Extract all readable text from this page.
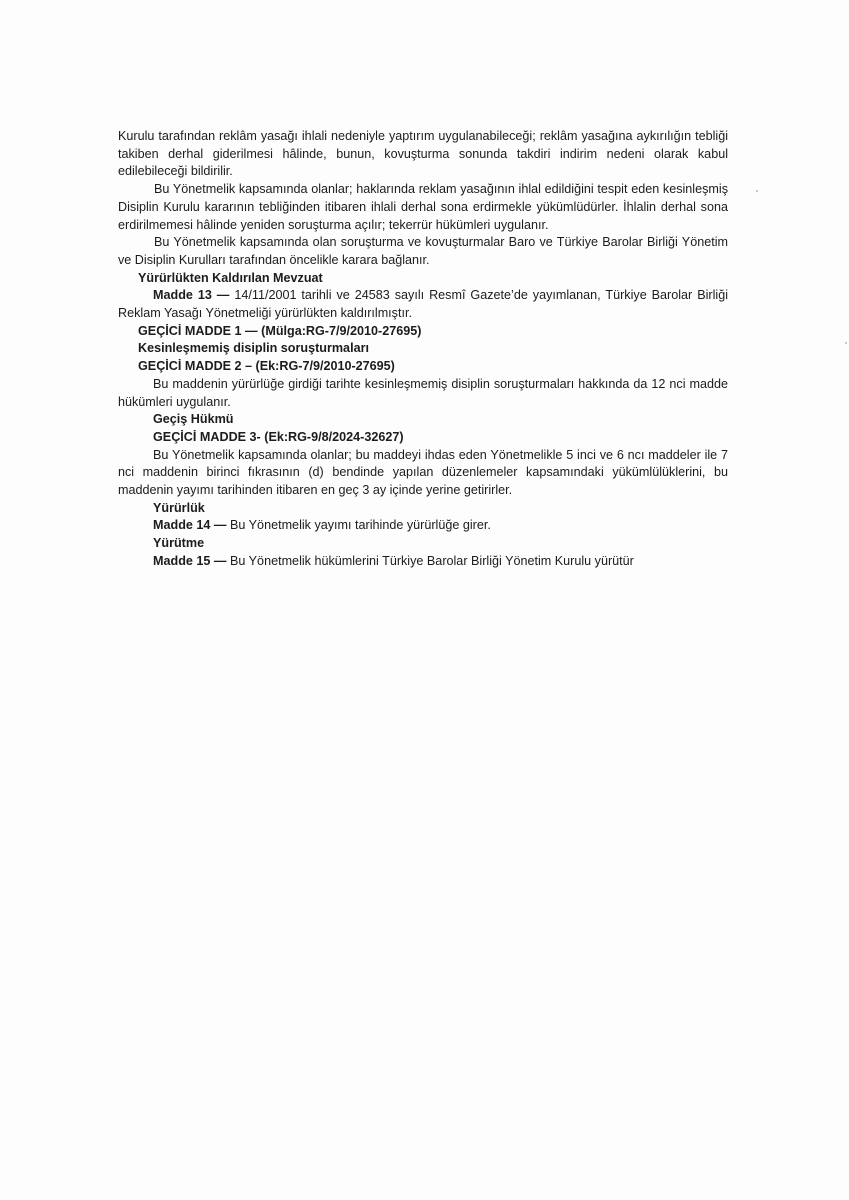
Kurulu tarafından reklâm yasağı ihlali nedeniyle yaptırım uygulanabileceği; reklâm yasağına aykırılığın tebliği takiben derhal giderilmesi hâlinde, bunun, kovuşturma sonunda takdiri indirim nedeni olarak kabul edilebileceği bildirilir.

Bu Yönetmelik kapsamında olanlar; haklarında reklam yasağının ihlal edildiğini tespit eden kesinleşmiş Disiplin Kurulu kararının tebliğinden itibaren ihlali derhal sona erdirmekle yükümlüdürler. İhlalin derhal sona erdirilmemesi hâlinde yeniden soruşturma açılır; tekerrür hükümleri uygulanır.

Bu Yönetmelik kapsamında olan soruşturma ve kovuşturmalar Baro ve Türkiye Barolar Birliği Yönetim ve Disiplin Kurulları tarafından öncelikle karara bağlanır.

Yürürlükten Kaldırılan Mevzuat

Madde 13 — 14/11/2001 tarihli ve 24583 sayılı Resmî Gazete’de yayımlanan, Türkiye Barolar Birliği Reklam Yasağı Yönetmeliği yürürlükten kaldırılmıştır.

GEÇİCİ MADDE 1 — (Mülga:RG-7/9/2010-27695)

Kesinleşmemiş disiplin soruşturmaları

GEÇİCİ MADDE 2 – (Ek:RG-7/9/2010-27695)

Bu maddenin yürürlüğe girdiği tarihte kesinleşmemiş disiplin soruşturmaları hakkında da 12 nci madde hükümleri uygulanır.

Geçiş Hükmü

GEÇİCİ MADDE 3- (Ek:RG-9/8/2024-32627)

Bu Yönetmelik kapsamında olanlar; bu maddeyi ihdas eden Yönetmelikle 5 inci ve 6 ncı maddeler ile 7 nci maddenin birinci fıkrasının (d) bendinde yapılan düzenlemeler kapsamındaki yükümlülüklerini, bu maddenin yayımı tarihinden itibaren en geç 3 ay içinde yerine getirirler.

Yürürlük

Madde 14 — Bu Yönetmelik yayımı tarihinde yürürlüğe girer.

Yürütme

Madde 15 — Bu Yönetmelik hükümlerini Türkiye Barolar Birliği Yönetim Kurulu yürütür
